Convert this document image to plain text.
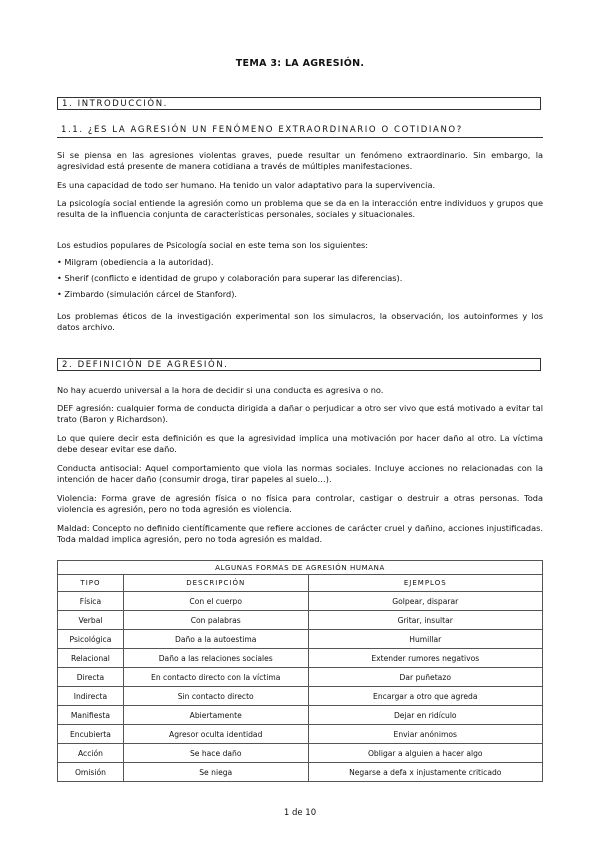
TEMA 3: LA AGRESIÓN.
1. INTRODUCCIÓN.
1.1. ¿ES LA AGRESIÓN UN FENÓMENO EXTRAORDINARIO O COTIDIANO?
Si se piensa en las agresiones violentas graves, puede resultar un fenómeno extraordinario. Sin embargo, la agresividad está presente de manera cotidiana a través de múltiples manifestaciones.
Es una capacidad de todo ser humano. Ha tenido un valor adaptativo para la supervivencia.
La psicología social entiende la agresión como un problema que se da en la interacción entre individuos y grupos que resulta de la influencia conjunta de características personales, sociales y situacionales.
Los estudios populares de Psicología social en este tema son los siguientes:
• Milgram (obediencia a la autoridad).
• Sherif (conflicto e identidad de grupo y colaboración para superar las diferencias).
• Zimbardo (simulación cárcel de Stanford).
Los problemas éticos de la investigación experimental son los simulacros, la observación, los autoinformes y los datos archivo.
2. DEFINICIÓN DE AGRESIÓN.
No hay acuerdo universal a la hora de decidir si una conducta es agresiva o no.
DEF agresión: cualquier forma de conducta dirigida a dañar o perjudicar a otro ser vivo que está motivado a evitar tal trato (Baron y Richardson).
Lo que quiere decir esta definición es que la agresividad implica una motivación por hacer daño al otro. La víctima debe desear evitar ese daño.
Conducta antisocial: Aquel comportamiento que viola las normas sociales. Incluye acciones no relacionadas con la intención de hacer daño (consumir droga, tirar papeles al suelo…).
Violencia: Forma grave de agresión física o no física para controlar, castigar o destruir a otras personas. Toda violencia es agresión, pero no toda agresión es violencia.
Maldad: Concepto no definido científicamente que refiere acciones de carácter cruel y dañino, acciones injustificadas. Toda maldad implica agresión, pero no toda agresión es maldad.
ALGUNAS FORMAS DE AGRESIÓN HUMANA		
TIPO	DESCRIPCIÓN	EJEMPLOS
Física	Con el cuerpo	Golpear, disparar
Verbal	Con palabras	Gritar, insultar
Psicológica	Daño a la autoestima	Humillar
Relacional	Daño a las relaciones sociales	Extender rumores negativos
Directa	En contacto directo con la víctima	Dar puñetazo
Indirecta	Sin contacto directo	Encargar a otro que agreda
Manifiesta	Abiertamente	Dejar en ridículo
Encubierta	Agresor oculta identidad	Enviar anónimos
Acción	Se hace daño	Obligar a alguien a hacer algo
Omisión	Se niega	Negarse a defa x injustamente criticado
1 de 10
